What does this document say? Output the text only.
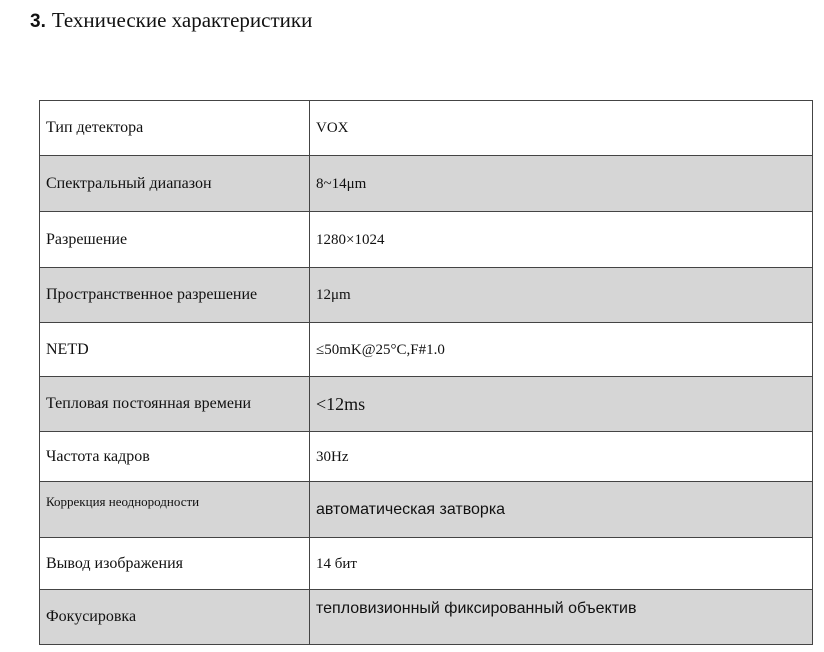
3. Технические характеристики
Тип детектора	VOX

Спектральный диапазон	8~14μm

Разрешение	1280×1024

Пространственное разрешение	12μm

NETD	≤50mK@25°C,F#1.0

Тепловая постоянная времени	<12ms

Частота кадров	30Hz

Коррекция неоднородности	автоматическая затворка

Вывод изображения	14 бит

Фокусировка	тепловизионный фиксированный объектив
